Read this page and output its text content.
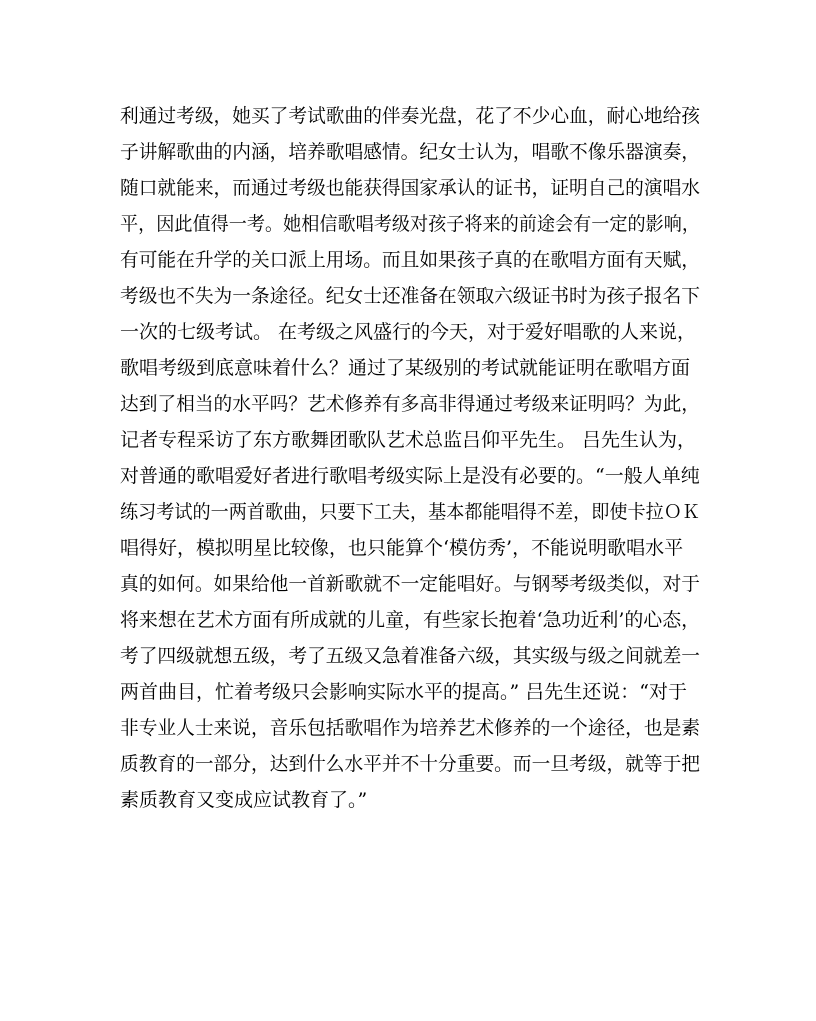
利通过考级，她买了考试歌曲的伴奏光盘，花了不少心血，耐心地给孩
子讲解歌曲的内涵，培养歌唱感情。纪女士认为，唱歌不像乐器演奏，
随口就能来，而通过考级也能获得国家承认的证书，证明自己的演唱水
平，因此值得一考。她相信歌唱考级对孩子将来的前途会有一定的影响，
有可能在升学的关口派上用场。而且如果孩子真的在歌唱方面有天赋，
考级也不失为一条途径。纪女士还准备在领取六级证书时为孩子报名下
一次的七级考试。 在考级之风盛行的今天，对于爱好唱歌的人来说，
歌唱考级到底意味着什么？通过了某级别的考试就能证明在歌唱方面
达到了相当的水平吗？艺术修养有多高非得通过考级来证明吗？为此，
记者专程采访了东方歌舞团歌队艺术总监吕仰平先生。 吕先生认为，
对普通的歌唱爱好者进行歌唱考级实际上是没有必要的。“一般人单纯
练习考试的一两首歌曲，只要下工夫，基本都能唱得不差，即使卡拉ＯＫ
唱得好，模拟明星比较像，也只能算个‘模仿秀’，不能说明歌唱水平
真的如何。如果给他一首新歌就不一定能唱好。与钢琴考级类似，对于
将来想在艺术方面有所成就的儿童，有些家长抱着‘急功近利’的心态，
考了四级就想五级，考了五级又急着准备六级，其实级与级之间就差一
两首曲目，忙着考级只会影响实际水平的提高。” 吕先生还说：“对于
非专业人士来说，音乐包括歌唱作为培养艺术修养的一个途径，也是素
质教育的一部分，达到什么水平并不十分重要。而一旦考级，就等于把
素质教育又变成应试教育了。”
